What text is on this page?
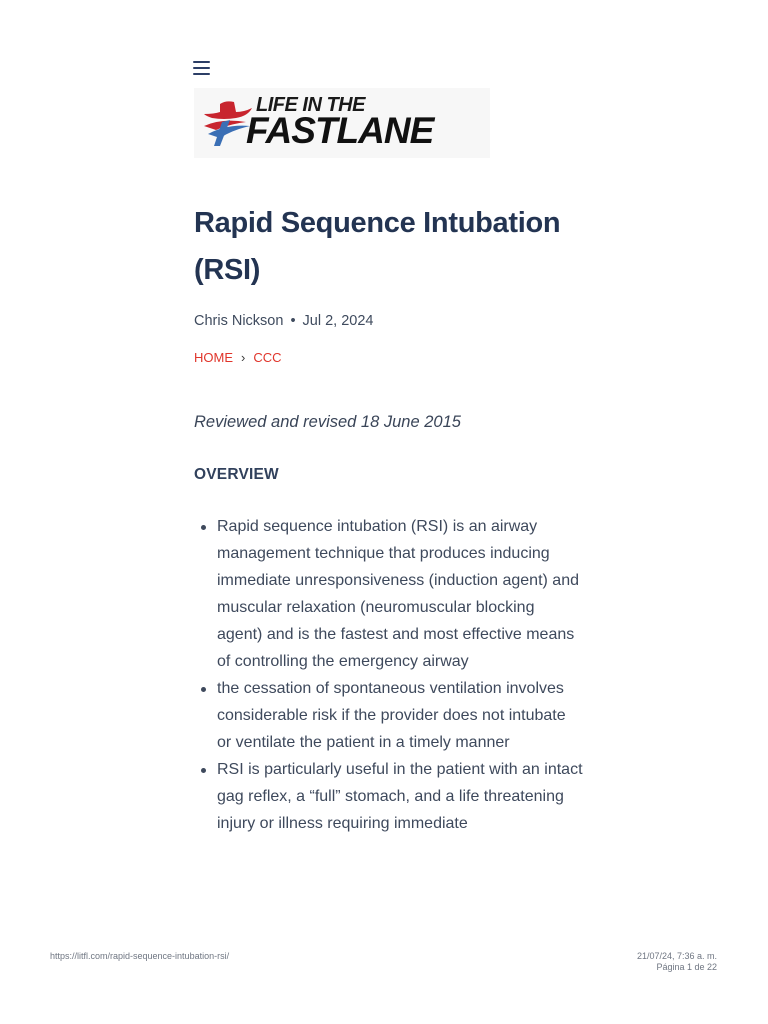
LIFE IN THE
FASTLANE
Rapid Sequence Intubation (RSI)
Chris Nickson • Jul 2, 2024
HOME › CCC
Reviewed and revised 18 June 2015
OVERVIEW
Rapid sequence intubation (RSI) is an airway management technique that produces inducing immediate unresponsiveness (induction agent) and muscular relaxation (neuromuscular blocking agent) and is the fastest and most effective means of controlling the emergency airway
the cessation of spontaneous ventilation involves considerable risk if the provider does not intubate or ventilate the patient in a timely manner
RSI is particularly useful in the patient with an intact gag reflex, a “full” stomach, and a life threatening injury or illness requiring immediate
https://litfl.com/rapid-sequence-intubation-rsi/	21/07/24, 7:36 a. m.
Página 1 de 22
